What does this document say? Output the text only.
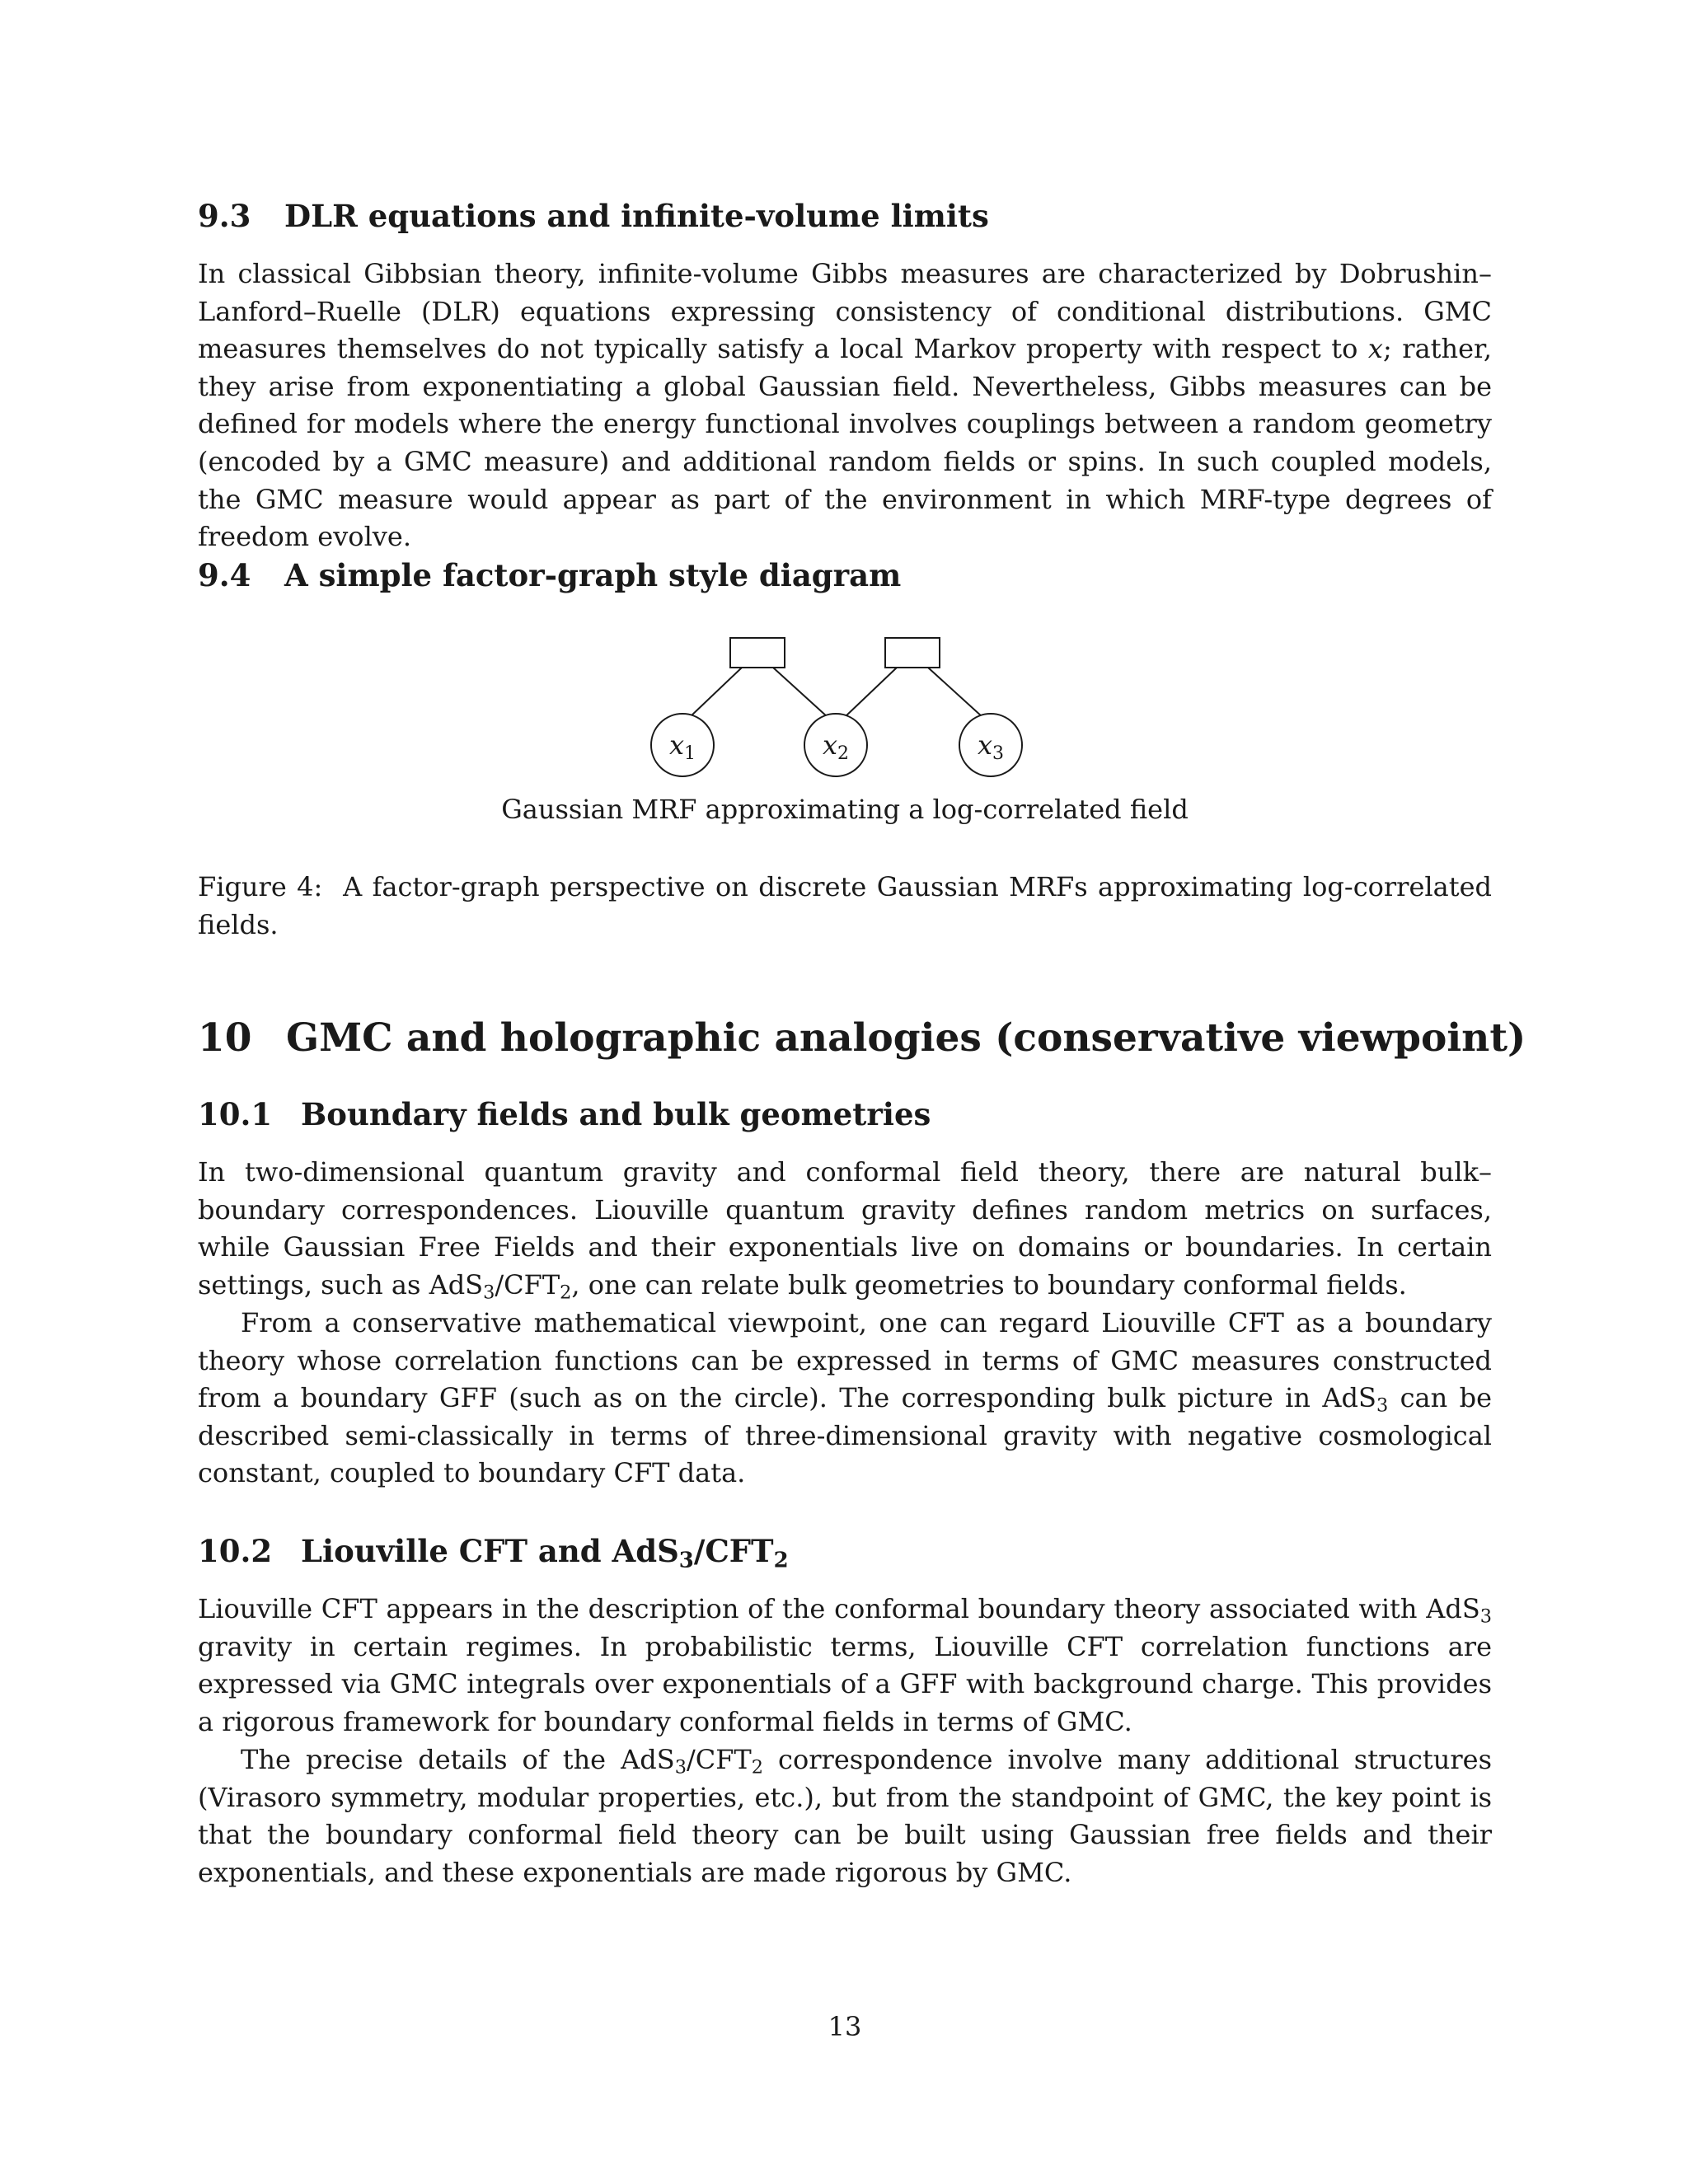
9.3 DLR equations and infinite-volume limits

In classical Gibbsian theory, infinite-volume Gibbs measures are characterized by Dobrushin–Lanford–Ruelle (DLR) equations expressing consistency of conditional distributions. GMC measures themselves do not typically satisfy a local Markov property with respect to x; rather, they arise from exponentiating a global Gaussian field. Nevertheless, Gibbs measures can be defined for models where the energy functional involves couplings between a random geometry (encoded by a GMC measure) and additional random fields or spins. In such coupled models, the GMC measure would appear as part of the environment in which MRF-type degrees of freedom evolve.

9.4 A simple factor-graph style diagram
x1	x2	x3
Gaussian MRF approximating a log-correlated field

Figure 4: A factor-graph perspective on discrete Gaussian MRFs approximating log-correlated fields.

10 GMC and holographic analogies (conservative viewpoint)
10.1 Boundary fields and bulk geometries

In two-dimensional quantum gravity and conformal field theory, there are natural bulk–boundary correspondences. Liouville quantum gravity defines random metrics on surfaces, while Gaussian Free Fields and their exponentials live on domains or boundaries. In certain settings, such as $AdS_3/CFT_2$, one can relate bulk geometries to boundary conformal fields.

From a conservative mathematical viewpoint, one can regard Liouville CFT as a boundary theory whose correlation functions can be expressed in terms of GMC measures constructed from a boundary GFF (such as on the circle). The corresponding bulk picture in AdS$_3$ can be described semi-classically in terms of three-dimensional gravity with negative cosmological constant, coupled to boundary CFT data.

10.2 Liouville CFT and $AdS_3/CFT_2$

Liouville CFT appears in the description of the conformal boundary theory associated with AdS$_3$ gravity in certain regimes. In probabilistic terms, Liouville CFT correlation functions are expressed via GMC integrals over exponentials of a GFF with background charge. This provides a rigorous framework for boundary conformal fields in terms of GMC.

The precise details of the $AdS_3/CFT_2$ correspondence involve many additional structures (Virasoro symmetry, modular properties, etc.), but from the standpoint of GMC, the key point is that the boundary conformal field theory can be built using Gaussian free fields and their exponentials, and these exponentials are made rigorous by GMC.

13
